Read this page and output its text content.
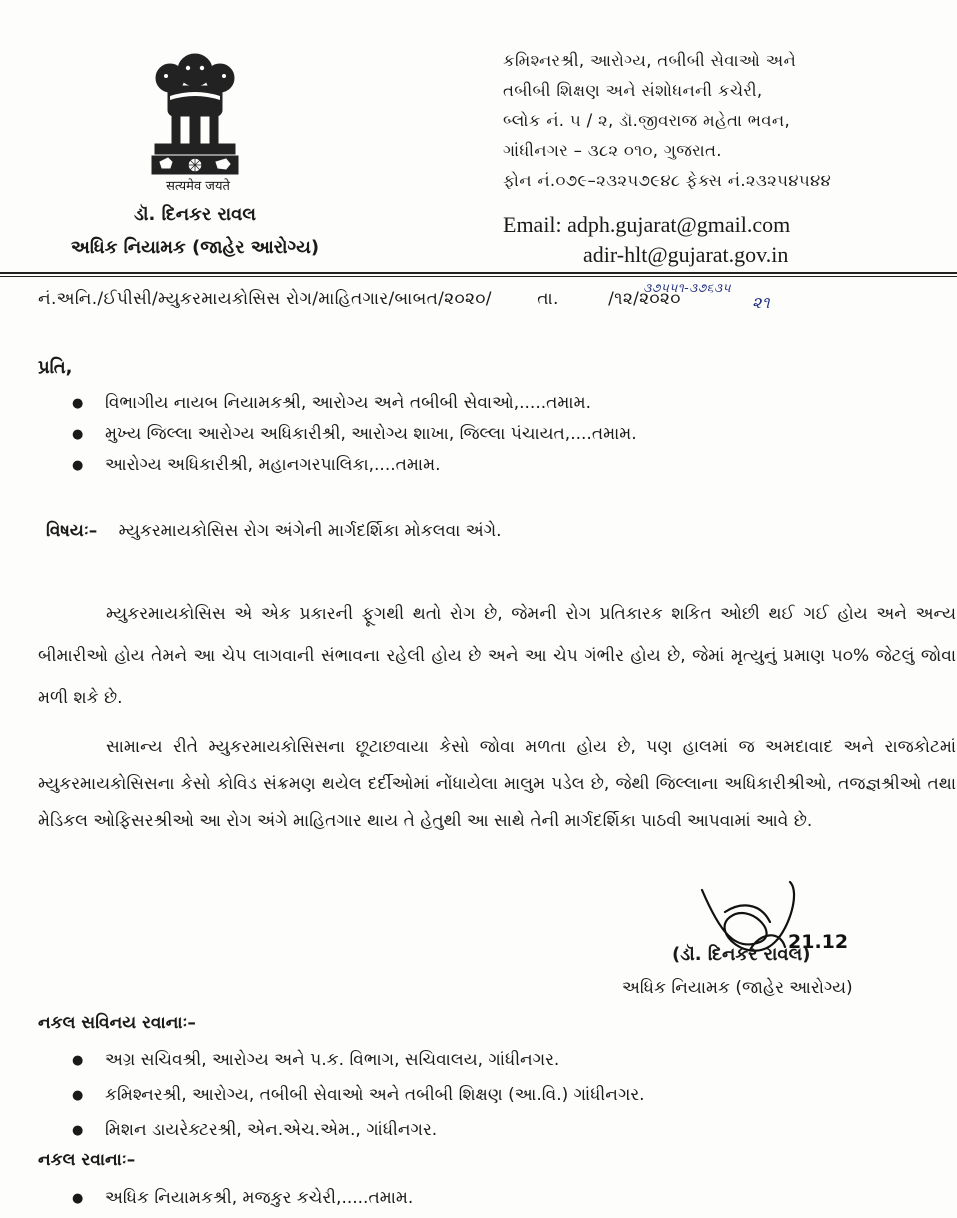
सत्यमेव जयते
ડૉ. દિનકર રાવલ
અધિક નિયામક (જાહેર આરોગ્ય)
કમિશ્નરશ્રી, આરોગ્ય, તબીબી સેવાઓ અને
તબીબી શિક્ષણ અને સંશોધનની કચેરી,
બ્લોક નં. ૫ / ૨, ડૉ.જીવરાજ મહેતા ભવન,
ગાંધીનગર – ૩૮૨ ૦૧૦, ગુજરાત.
ફોન નં.૦૭૯–૨૩૨૫૭૯૪૮ ફેક્સ નં.૨૩૨૫૪૫૪૪
Email: adph.gujarat@gmail.com
adir-hlt@gujarat.gov.in
નં.અનિ./ઈપીસી/મ્યુકરમાયકોસિસ રોગ/માહિતગાર/બાબત/૨૦૨૦/
૩૭૫૫૧-૩૭૬૩૫
તા.	/૧૨/૨૦૨૦	૨૧
પ્રતિ,
● વિભાગીય નાયબ નિયામકશ્રી, આરોગ્ય અને તબીબી સેવાઓ,.....તમામ.
● મુખ્ય જિલ્લા આરોગ્ય અધિકારીશ્રી, આરોગ્ય શાખા, જિલ્લા પંચાયત,....તમામ.
● આરોગ્ય અધિકારીશ્રી, મહાનગરપાલિકા,....તમામ.
વિષયઃ– મ્યુકરમાયકોસિસ રોગ અંગેની માર્ગદર્શિકા મોકલવા અંગે.
મ્યુકરમાયકોસિસ એ એક પ્રકારની ફૂગથી થતો રોગ છે, જેમની રોગ પ્રતિકારક શકિત ઓછી થઈ ગઈ હોય અને અન્ય બીમારીઓ હોય તેમને આ ચેપ લાગવાની સંભાવના રહેલી હોય છે અને આ ચેપ ગંભીર હોય છે, જેમાં મૃત્યુનું પ્રમાણ ૫૦% જેટલું જોવા મળી શકે છે.
સામાન્ય રીતે મ્યુકરમાયકોસિસના છૂટાછવાયા કેસો જોવા મળતા હોય છે, પણ હાલમાં જ અમદાવાદ અને રાજકોટમાં મ્યુકરમાયકોસિસના કેસો કોવિડ સંક્રમણ થયેલ દર્દીઓમાં નોંધાયેલા માલુમ પડેલ છે, જેથી જિલ્લાના અધિકારીશ્રીઓ, તજજ્ઞશ્રીઓ તથા મેડિકલ ઓફિસરશ્રીઓ આ રોગ અંગે માહિતગાર થાય તે હેતુથી આ સાથે તેની માર્ગદર્શિકા પાઠવી આપવામાં આવે છે.
21.12
(ડૉ. દિનકર રાવલ)
અધિક નિયામક (જાહેર આરોગ્ય)
નકલ સવિનય રવાનાઃ–
● અગ્ર સચિવશ્રી, આરોગ્ય અને પ.ક. વિભાગ, સચિવાલય, ગાંધીનગર.
● કમિશ્નરશ્રી, આરોગ્ય, તબીબી સેવાઓ અને તબીબી શિક્ષણ (આ.વિ.) ગાંધીનગર.
● મિશન ડાયરેક્ટરશ્રી, એન.એચ.એમ., ગાંધીનગર.
નકલ રવાનાઃ–
● અધિક નિયામકશ્રી, મજકુર કચેરી,.....તમામ.
